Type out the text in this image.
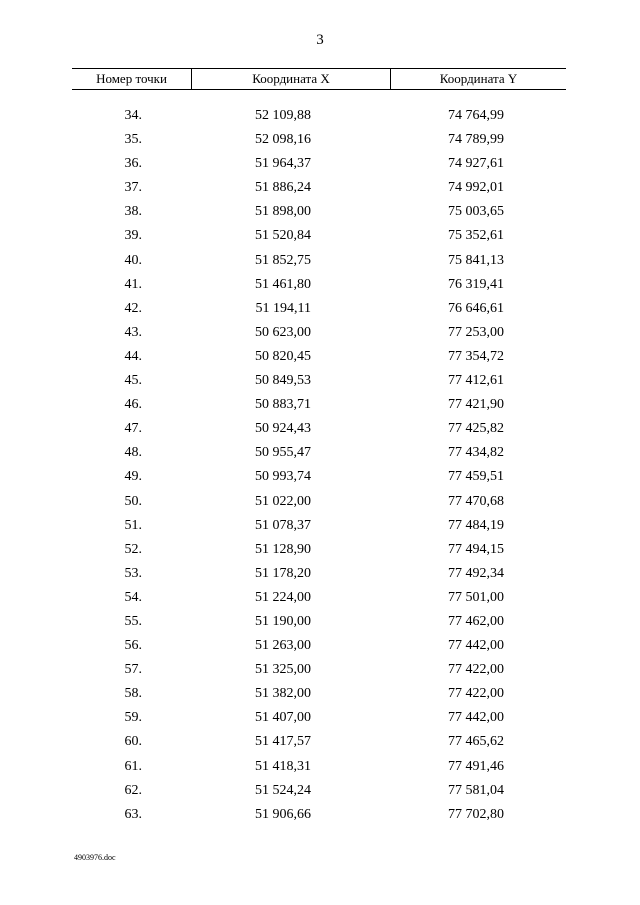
3
Номер точки	Координата X	Координата Y
34.	52 109,88	74 764,99
35.	52 098,16	74 789,99
36.	51 964,37	74 927,61
37.	51 886,24	74 992,01
38.	51 898,00	75 003,65
39.	51 520,84	75 352,61
40.	51 852,75	75 841,13
41.	51 461,80	76 319,41
42.	51 194,11	76 646,61
43.	50 623,00	77 253,00
44.	50 820,45	77 354,72
45.	50 849,53	77 412,61
46.	50 883,71	77 421,90
47.	50 924,43	77 425,82
48.	50 955,47	77 434,82
49.	50 993,74	77 459,51
50.	51 022,00	77 470,68
51.	51 078,37	77 484,19
52.	51 128,90	77 494,15
53.	51 178,20	77 492,34
54.	51 224,00	77 501,00
55.	51 190,00	77 462,00
56.	51 263,00	77 442,00
57.	51 325,00	77 422,00
58.	51 382,00	77 422,00
59.	51 407,00	77 442,00
60.	51 417,57	77 465,62
61.	51 418,31	77 491,46
62.	51 524,24	77 581,04
63.	51 906,66	77 702,80
4903976.doc
